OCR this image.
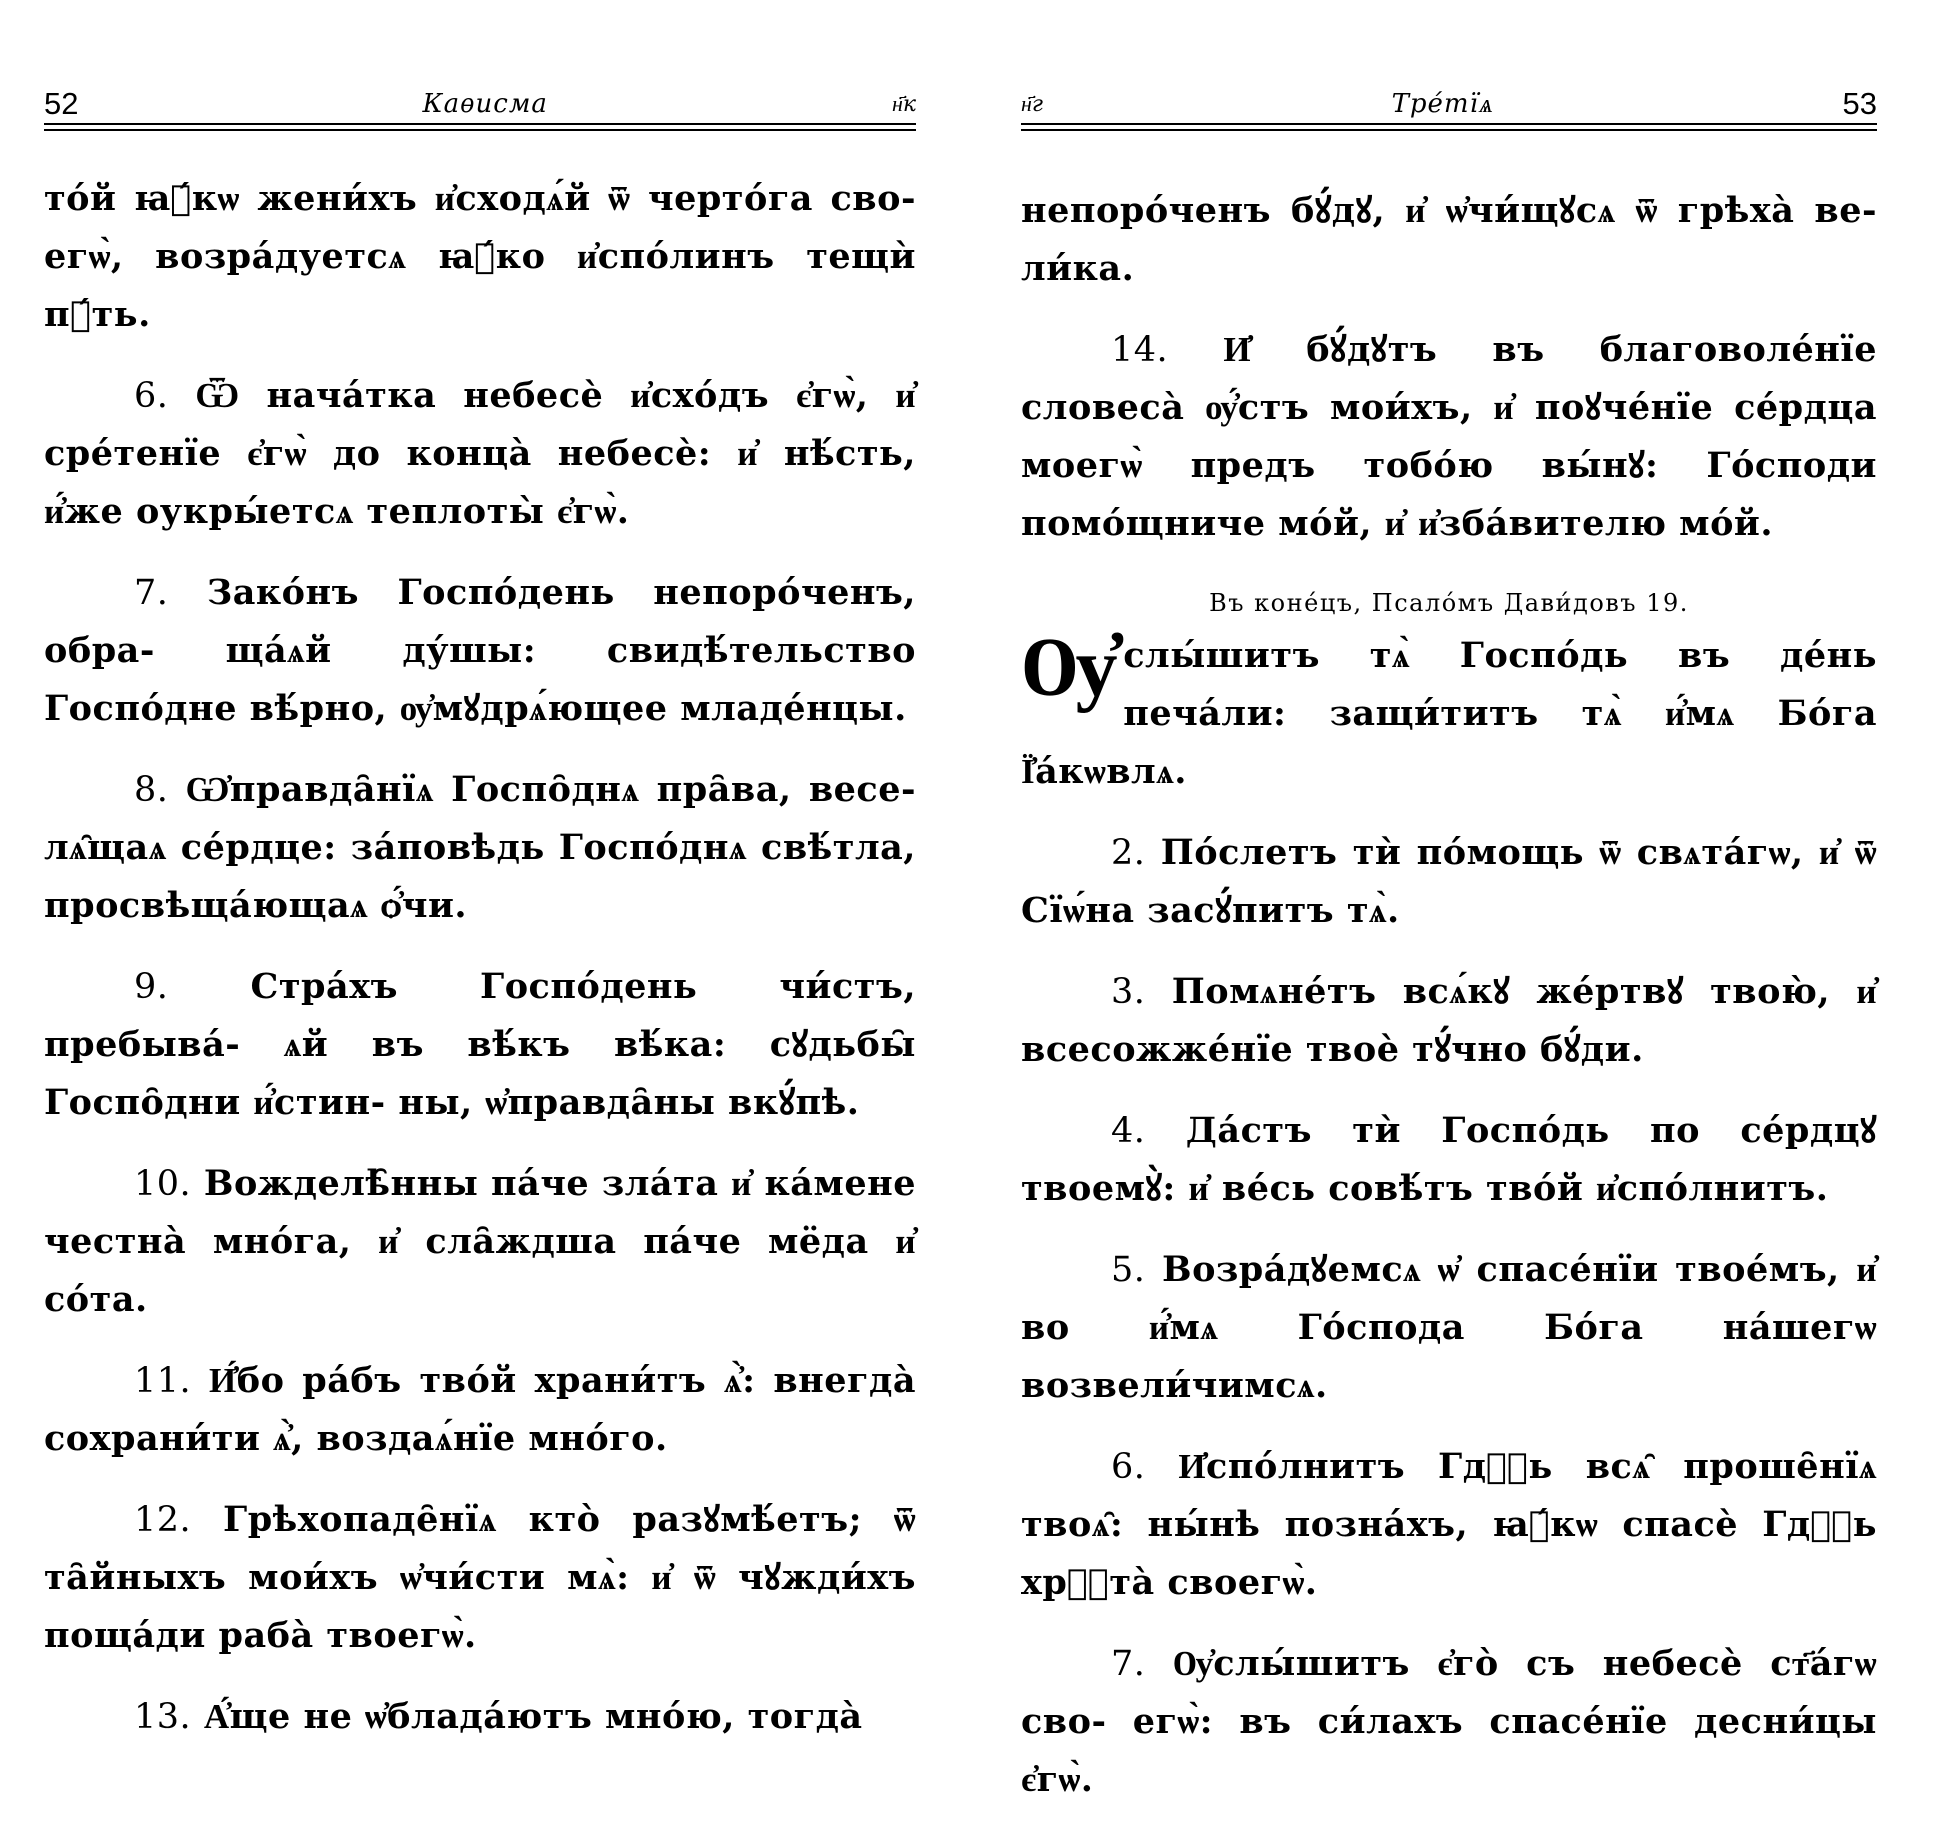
52	Каѳисма	н҃к

то́й ꙗ҆́кѡ жени́хъ и҆сходѧ́й ѿ черто́га сво- егѡ̀, возра́дуетсѧ ꙗ҆́ко и҆спо́линъ тещѝ пꙋ́ть.

6. Ѿ нача́тка небесѐ и҆схо́дъ є҆гѡ̀, и҆ сре́тенїе є҆гѡ̀ до конца̀ небесѐ: и҆ нѣ́сть, и҆́же оукры́етсѧ теплоты̀ є҆гѡ̀.

7. Зако́нъ Госпо́день непоро́ченъ, обра- ща́ѧй ду́шы: свидѣ́тельство Госпо́дне вѣ́рно, ѹ҆мꙋдрѧ́ющее младе́нцы.

8. Ѡ҆правда̑нїѧ Госпо̑днѧ пра̑ва, весе- лѧ̑щаѧ се́рдце: за́повѣдь Госпо́днѧ свѣ́тла, просвѣща́ющаѧ ѻ҆́чи.

9. Стра́хъ Госпо́день чи́стъ, пребыва́- ѧй въ вѣ́къ вѣ́ка: сꙋдьбы̑ Госпо̑дни и҆́стин- ны, ѡ҆правда̑ны вкꙋ́пѣ.

10. Вожделѣ̑нны па́че зла́та и҆ ка́мене честна̀ мно́га, и҆ сла̑ждша па́че мёда и҆ со́та.

11. И҆́бо ра́бъ тво́й храни́тъ ѧ҆̀: внегда̀ сохрани́ти ѧ҆̀, воздаѧ́нїе мно́го.

12. Грѣхопаде̑нїѧ кто̀ разꙋмѣ́етъ; ѿ та̑йныхъ мои́хъ ѡ҆чи́сти мѧ̀: и҆ ѿ чꙋжди́хъ поща́ди раба̀ твоегѡ̀.

13. А҆́ще не ѡ҆блада́ютъ мно́ю, тогда̀

н҃г	Тре́тїѧ	53

непоро́ченъ бꙋ́дꙋ, и҆ ѡ҆чи́щꙋсѧ ѿ грѣха̀ ве- ли́ка.

14. И҆ бꙋ́дꙋтъ въ благоволе́нїе словеса̀ ѹ҆́стъ мои́хъ, и҆ поꙋче́нїе се́рдца моегѡ̀ предъ тобо́ю вы́нꙋ: Го́споди помо́щниче мо́й, и҆ и҆зба́вителю мо́й.

Въ коне́цъ, Псало́мъ Дави́довъ 19.

Ѹ҆слы́шитъ тѧ̀ Госпо́дь въ де́нь печа́ли: защи́титъ тѧ̀ и҆́мѧ Бо́га Ї҆а́кѡвлѧ.

2. По́слетъ тѝ по́мощь ѿ свѧта́гѡ, и҆ ѿ Сїѡ́на засꙋ́питъ тѧ̀.

3. Помѧне́тъ всѧ́кꙋ же́ртвꙋ твою̀, и҆ всесожже́нїе твоѐ тꙋ́чно бꙋ́ди.

4. Да́стъ тѝ Госпо́дь по се́рдцꙋ твоемꙋ̀: и҆ ве́сь совѣ́тъ тво́й и҆спо́лнитъ.

5. Возра́дꙋемсѧ ѡ҆ спасе́нїи твое́мъ, и҆ во и҆́мѧ Го́спода Бо́га на́шегѡ возвели́чимсѧ.

6. И҆спо́лнитъ Гдⷭ҇ь всѧ̑ проше̑нїѧ твоѧ̑: ны́нѣ позна́хъ, ꙗ҆́кѡ спасѐ Гдⷭ҇ь хрⷭ҇та̀ своегѡ̀.

7. Ѹ҆слы́шитъ є҆го̀ съ небесѐ ст҃а́гѡ сво- егѡ̀: въ си́лахъ спасе́нїе десни́цы є҆гѡ̀.
